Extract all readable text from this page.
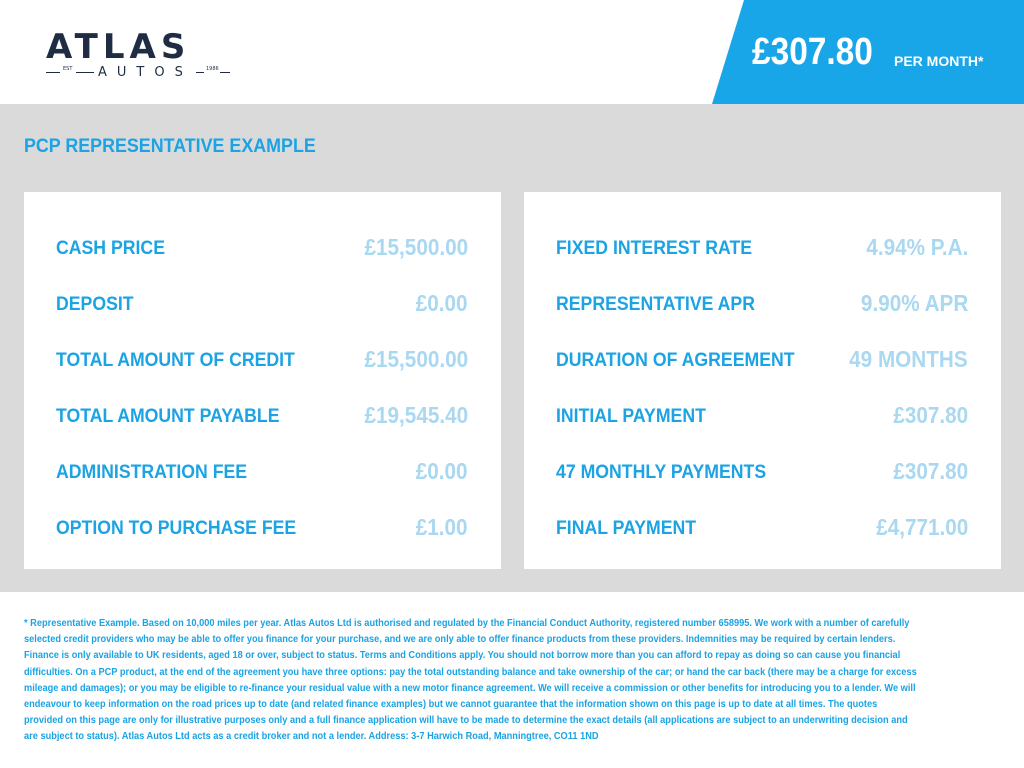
ATLAS
EST AUTOS	1986	£307.80 PER MONTH*
PCP REPRESENTATIVE EXAMPLE
CASH PRICE	£15,500.00
DEPOSIT	£0.00
TOTAL AMOUNT OF CREDIT	£15,500.00
TOTAL AMOUNT PAYABLE	£19,545.40
ADMINISTRATION FEE	£0.00
OPTION TO PURCHASE FEE	£1.00
FIXED INTEREST RATE	4.94% P.A.
REPRESENTATIVE APR	9.90% APR
DURATION OF AGREEMENT 49 MONTHS
INITIAL PAYMENT	£307.80
47 MONTHLY PAYMENTS	£307.80
FINAL PAYMENT	£4,771.00
* Representative Example. Based on 10,000 miles per year. Atlas Autos Ltd is authorised and regulated by the Financial Conduct Authority, registered number 658995. We work with a number of carefully selected credit providers who may be able to offer you finance for your purchase, and we are only able to offer finance products from these providers. Indemnities may be required by certain lenders. Finance is only available to UK residents, aged 18 or over, subject to status. Terms and Conditions apply. You should not borrow more than you can afford to repay as doing so can cause you financial difficulties. On a PCP product, at the end of the agreement you have three options: pay the total outstanding balance and take ownership of the car; or hand the car back (there may be a charge for excess mileage and damages); or you may be eligible to re-finance your residual value with a new motor finance agreement. We will receive a commission or other benefits for introducing you to a lender. We will endeavour to keep information on the road prices up to date (and related finance examples) but we cannot guarantee that the information shown on this page is up to date at all times. The quotes provided on this page are only for illustrative purposes only and a full finance application will have to be made to determine the exact details (all applications are subject to an underwriting decision and are subject to status). Atlas Autos Ltd acts as a credit broker and not a lender. Address: 3-7 Harwich Road, Manningtree, CO11 1ND
